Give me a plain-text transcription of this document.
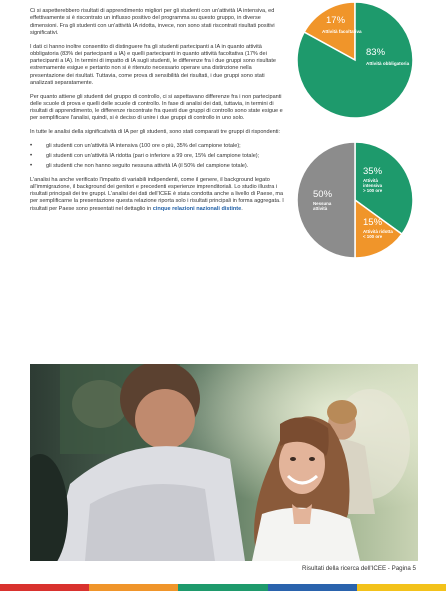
Ci si aspetterebbero risultati di apprendimento migliori per gli studenti con un'attività IA intensiva, ed effettivamente si è riscontrato un influsso positivo del programma su questo gruppo, in diverse dimensioni. Fra gli studenti con un'attività IA ridotta, invece, non sono stati riscontrati risultati positivi significativi.

I dati ci hanno inoltre consentito di distinguere fra gli studenti partecipanti a IA in quanto attività obbligatoria (83% dei partecipanti a IA) e quelli partecipanti in quanto attività facoltativa (17% dei partecipanti a IA). In termini di impatto di IA sugli studenti, le differenze fra i due gruppi sono risultate estremamente esigue e pertanto non si è ritenuto necessario operare una distinzione nella presentazione dei risultati. Tuttavia, come prova di sensibilità dei risultati, i due gruppi sono stati analizzati separatamente.

Per quanto attiene gli studenti del gruppo di controllo, ci si aspettavano differenze fra i non partecipanti delle scuole di prova e quelli delle scuole di controllo. In fase di analisi dei dati, tuttavia, in termini di risultati di apprendimento, le differenze riscontrate fra questi due gruppi di controllo sono state esigue e per semplificare l'analisi, quindi, si è deciso di unire i due gruppi di controllo in uno solo.

In tutte le analisi della significatività di IA per gli studenti, sono stati comparati tre gruppi di rispondenti:

• gli studenti con un'attività IA intensiva (100 ore o più, 35% del campione totale);
• gli studenti con un'attività IA ridotta (pari o inferiore a 99 ore, 15% del campione totale);
• gli studenti che non hanno seguito nessuna attività IA (il 50% del campione totale).

L'analisi ha anche verificato l'impatto di variabili indipendenti, come il genere, il background legato all'immigrazione, il background dei genitori e precedenti esperienze imprenditoriali. Lo studio illustra i risultati principali dei tre gruppi. L'analisi dei dati dell'ICEE è stata condotta anche a livello di Paese, ma per semplificarne la presentazione questa relazione riporta solo i risultati principali in forma aggregata. I risultati per Paese sono presentati nel dettaglio in cinque relazioni nazionali distinte.

17%
Attività facoltativa
83%
Attività obbligatoria
35%
Attività
intensiva
> 100 ore
15%
Attività ridotta
< 100 ore
50%
Nessuna
attività
Risultati della ricerca dell'ICEE - Pagina 5
